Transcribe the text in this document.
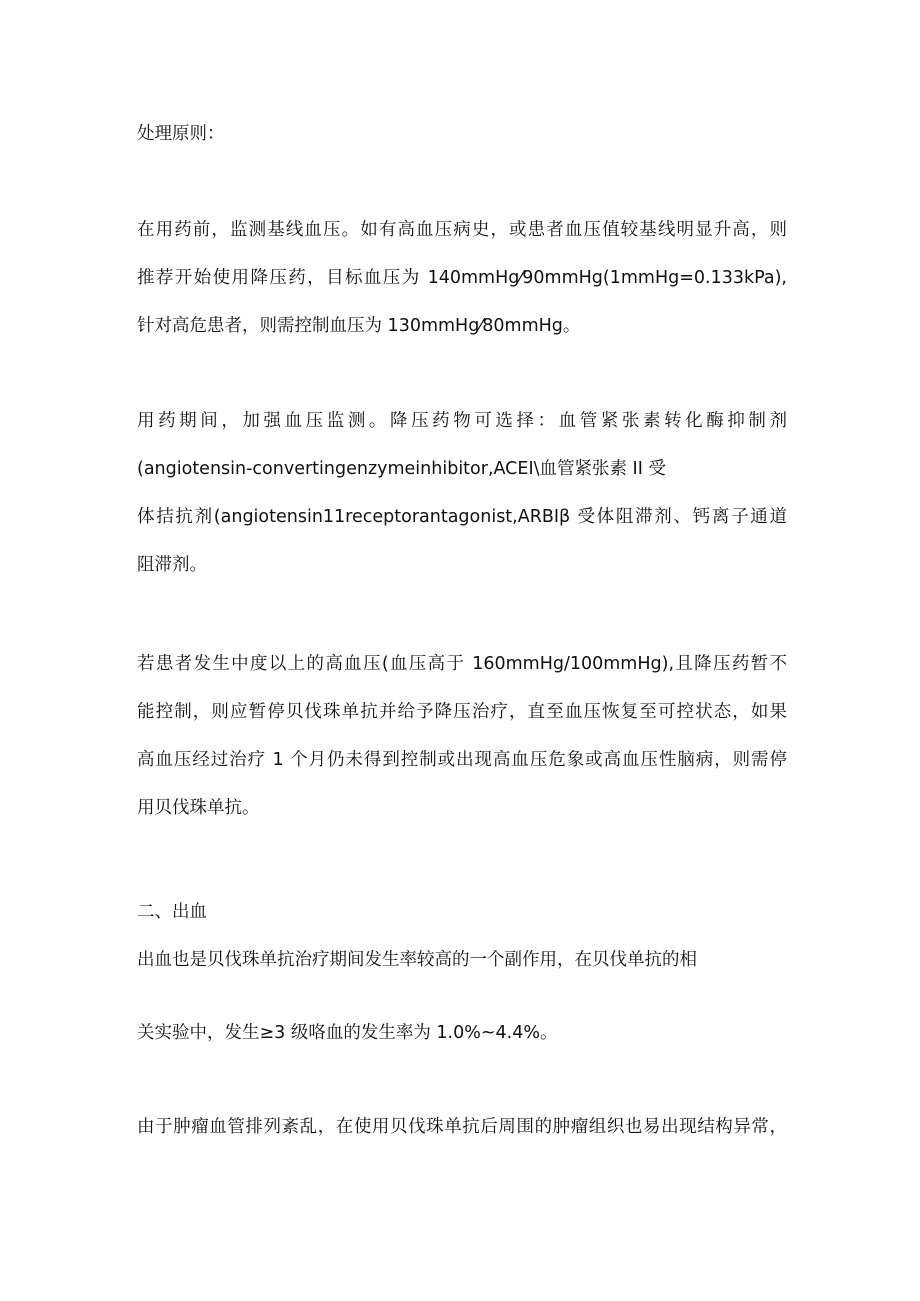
处理原则：
在用药前，监测基线血压。如有高血压病史，或患者血压值较基线明显升高，则
推荐开始使用降压药，目标血压为 140mmHg⁄90mmHg(1mmHg=0.133kPa),
针对高危患者，则需控制血压为 130mmHg⁄80mmHg。
用药期间，加强血压监测。降压药物可选择：血管紧张素转化酶抑制剂
(angiotensin-convertingenzymeinhibitor,ACEI\血管紧张素 II 受
体拮抗剂(angiotensin11receptorantagonist,ARBIβ 受体阻滞剂、钙离子通道
阻滞剂。
若患者发生中度以上的高血压(血压高于 160mmHg/100mmHg),且降压药暂不
能控制，则应暂停贝伐珠单抗并给予降压治疗，直至血压恢复至可控状态，如果
高血压经过治疗 1 个月仍未得到控制或出现高血压危象或高血压性脑病，则需停
用贝伐珠单抗。
二、出血
出血也是贝伐珠单抗治疗期间发生率较高的一个副作用，在贝伐单抗的相
关实验中，发生≥3 级咯血的发生率为 1.0%~4.4%。
由于肿瘤血管排列紊乱，在使用贝伐珠单抗后周围的肿瘤组织也易出现结构异常，
